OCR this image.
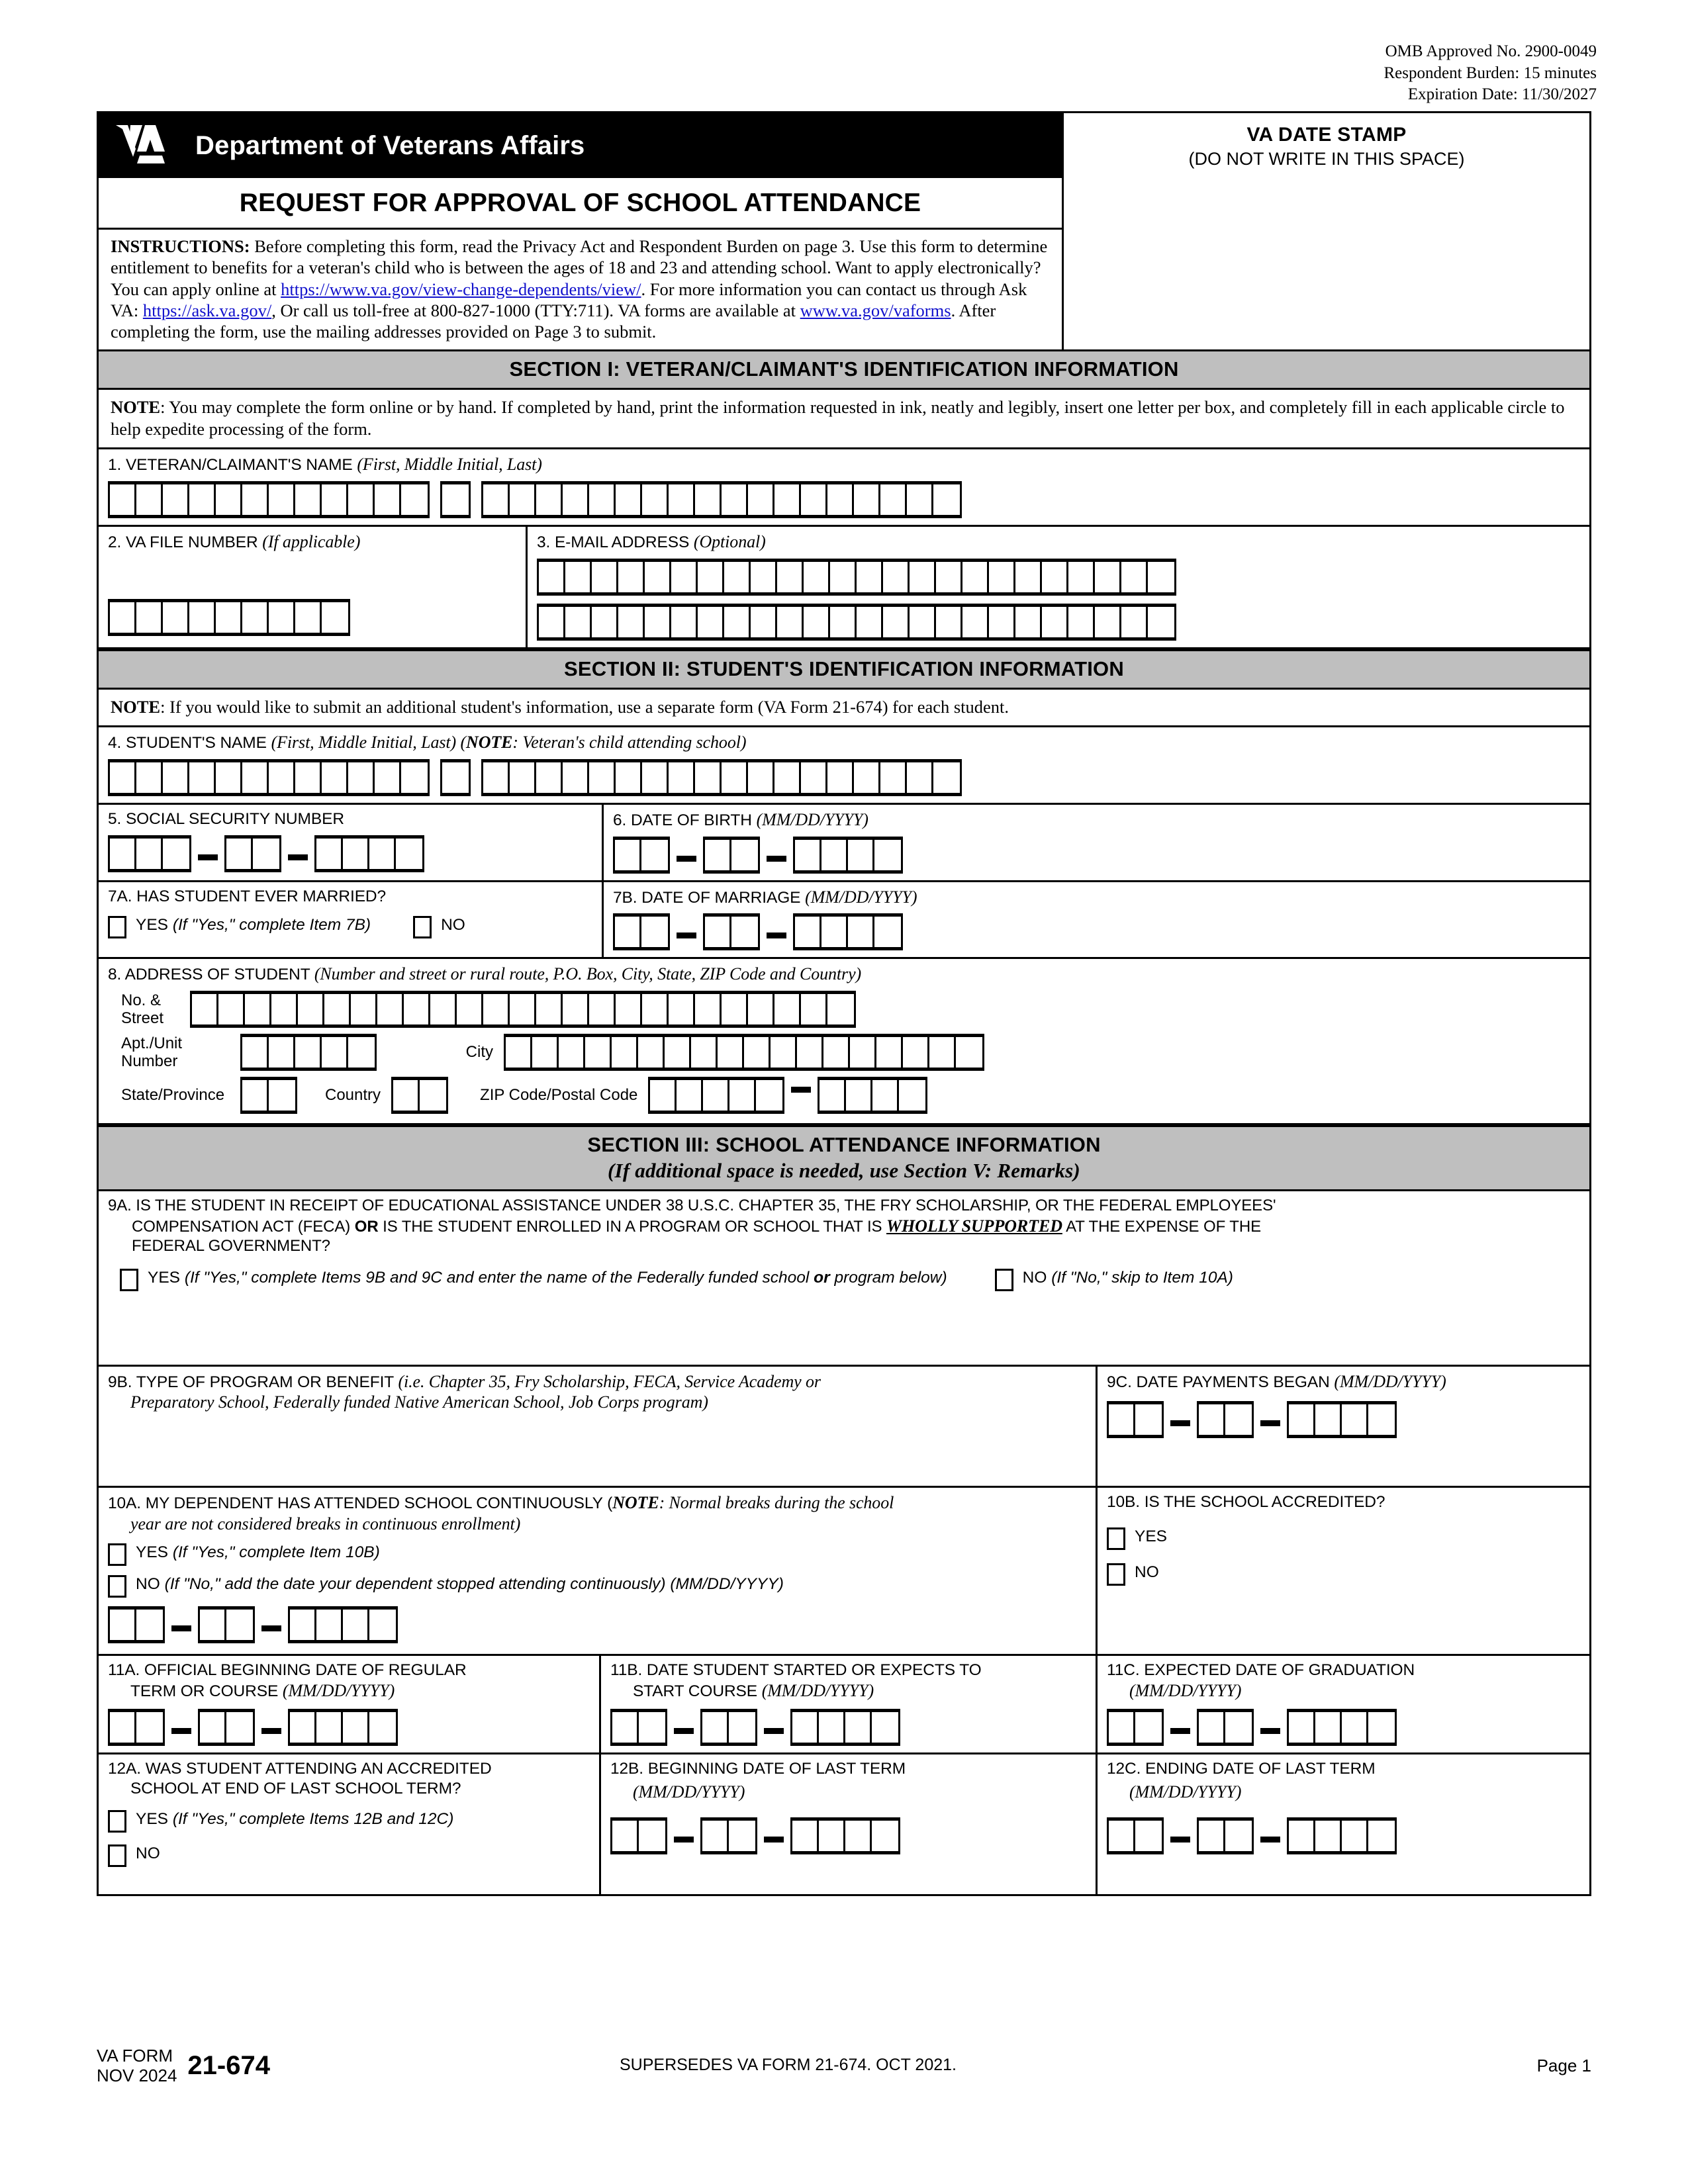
OMB Approved No. 2900-0049
Respondent Burden: 15 minutes
Expiration Date: 11/30/2027
Department of Veterans Affairs
REQUEST FOR APPROVAL OF SCHOOL ATTENDANCE
INSTRUCTIONS: Before completing this form, read the Privacy Act and Respondent Burden on page 3. Use this form to determine entitlement to benefits for a veteran's child who is between the ages of 18 and 23 and attending school. Want to apply electronically? You can apply online at https://www.va.gov/view-change-dependents/view/. For more information you can contact us through Ask VA: https://ask.va.gov/, Or call us toll-free at 800-827-1000 (TTY:711). VA forms are available at www.va.gov/vaforms. After completing the form, use the mailing addresses provided on Page 3 to submit.
VA DATE STAMP
(DO NOT WRITE IN THIS SPACE)
SECTION I: VETERAN/CLAIMANT'S IDENTIFICATION INFORMATION
NOTE: You may complete the form online or by hand. If completed by hand, print the information requested in ink, neatly and legibly, insert one letter per box, and completely fill in each applicable circle to help expedite processing of the form.
1. VETERAN/CLAIMANT'S NAME (First, Middle Initial, Last)
2. VA FILE NUMBER (If applicable)	3. E-MAIL ADDRESS (Optional)
SECTION II: STUDENT'S IDENTIFICATION INFORMATION
NOTE: If you would like to submit an additional student's information, use a separate form (VA Form 21-674) for each student.
4. STUDENT'S NAME (First, Middle Initial, Last) (NOTE: Veteran's child attending school)
5. SOCIAL SECURITY NUMBER	6. DATE OF BIRTH (MM/DD/YYYY)
7A. HAS STUDENT EVER MARRIED?
YES (If "Yes," complete Item 7B)	NO
7B. DATE OF MARRIAGE (MM/DD/YYYY)
8. ADDRESS OF STUDENT (Number and street or rural route, P.O. Box, City, State, ZIP Code and Country)
No. &
Street
Apt./Unit Number
City
State/Province	Country	ZIP Code/Postal Code
SECTION III: SCHOOL ATTENDANCE INFORMATION
(If additional space is needed, use Section V: Remarks)
9A. IS THE STUDENT IN RECEIPT OF EDUCATIONAL ASSISTANCE UNDER 38 U.S.C. CHAPTER 35, THE FRY SCHOLARSHIP, OR THE FEDERAL EMPLOYEES'
COMPENSATION ACT (FECA) OR IS THE STUDENT ENROLLED IN A PROGRAM OR SCHOOL THAT IS WHOLLY SUPPORTED AT THE EXPENSE OF THE
FEDERAL GOVERNMENT?
YES (If "Yes," complete Items 9B and 9C and enter the name of the Federally funded school or program below)	NO (If "No," skip to Item 10A)
9B. TYPE OF PROGRAM OR BENEFIT (i.e. Chapter 35, Fry Scholarship, FECA, Service Academy or
Preparatory School, Federally funded Native American School, Job Corps program)
9C. DATE PAYMENTS BEGAN (MM/DD/YYYY)
10A. MY DEPENDENT HAS ATTENDED SCHOOL CONTINUOUSLY (NOTE: Normal breaks during the school
year are not considered breaks in continuous enrollment)
YES (If "Yes," complete Item 10B)
NO (If "No," add the date your dependent stopped attending continuously) (MM/DD/YYYY)
10B. IS THE SCHOOL ACCREDITED?
YES
NO
11A. OFFICIAL BEGINNING DATE OF REGULAR
TERM OR COURSE (MM/DD/YYYY)
11B. DATE STUDENT STARTED OR EXPECTS TO
START COURSE (MM/DD/YYYY)
11C. EXPECTED DATE OF GRADUATION
(MM/DD/YYYY)
12A. WAS STUDENT ATTENDING AN ACCREDITED
SCHOOL AT END OF LAST SCHOOL TERM?
YES (If "Yes," complete Items 12B and 12C)
NO
12B. BEGINNING DATE OF LAST TERM
(MM/DD/YYYY)
12C. ENDING DATE OF LAST TERM
(MM/DD/YYYY)
VA FORM
NOV 2024 21-674	SUPERSEDES VA FORM 21-674. OCT 2021.	Page 1
